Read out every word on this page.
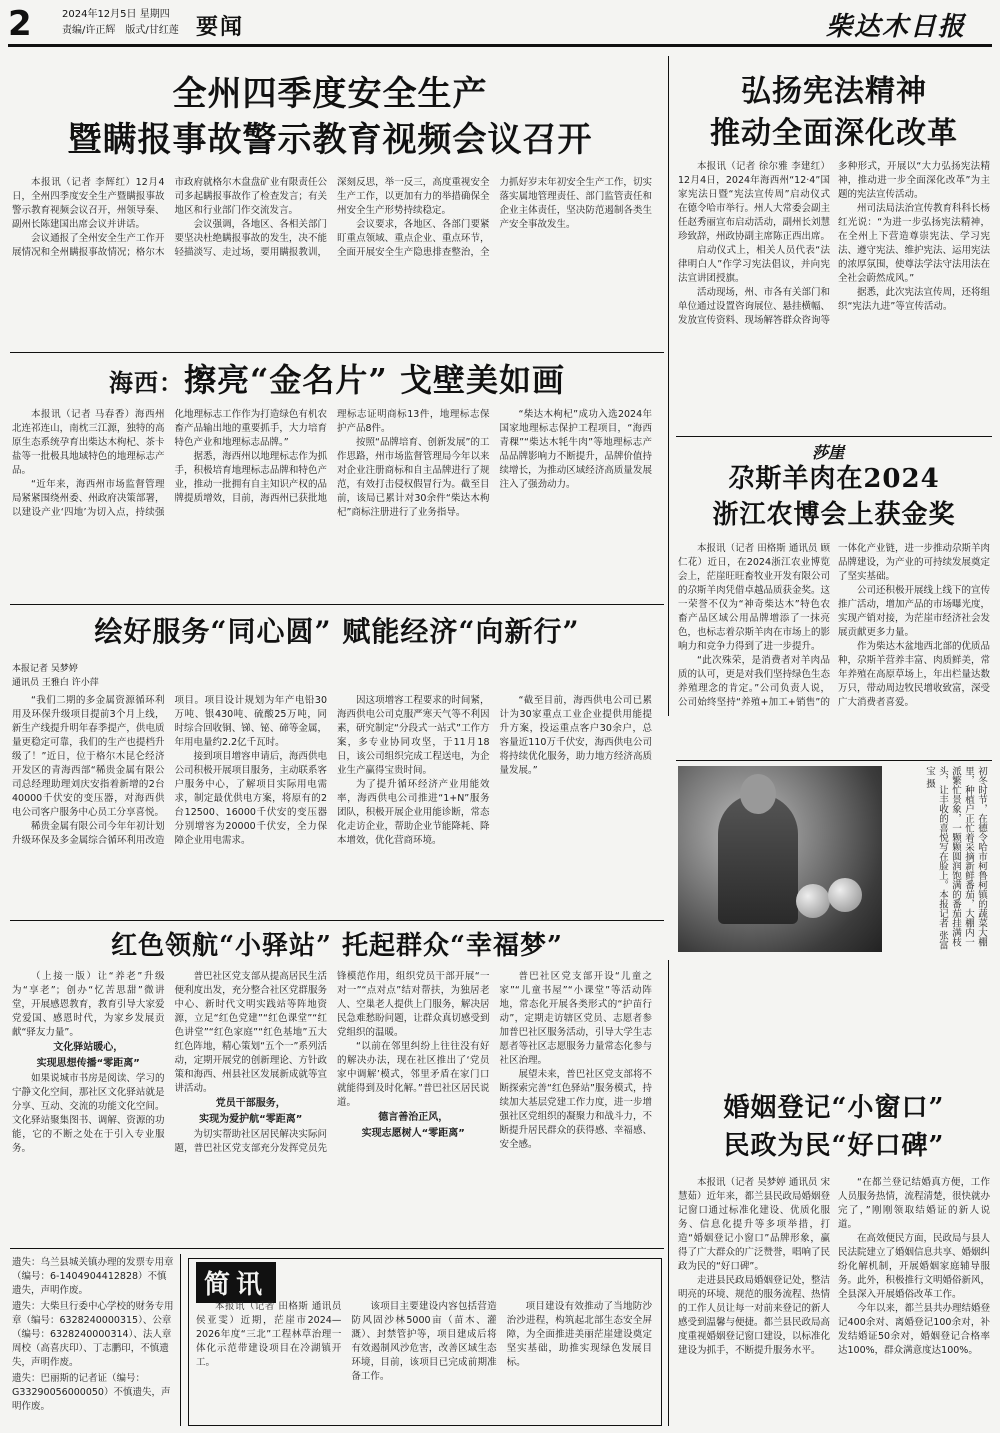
2	2024年12月5日 星期四
责编/许正辉　版式/甘红莲 要闻	柴达木日报
全州四季度安全生产
暨瞒报事故警示教育视频会议召开

本报讯（记者 李辉红）12月4日，全州四季度安全生产暨瞒报事故警示教育视频会议召开，州领导秦、副州长陈建国出席会议并讲话。

会议通报了全州安全生产工作开展情况和全州瞒报事故情况；格尔木市政府就格尔木盘盘矿业有限责任公司多起瞒报事故作了检查发言；有关地区和行业部门作交流发言。

会议强调，各地区、各相关部门要坚决杜绝瞒报事故的发生，决不能轻描淡写、走过场，要用瞒报教训，深刻反思，举一反三，高度重视安全生产工作，以更加有力的举措确保全州安全生产形势持续稳定。

会议要求，各地区、各部门要紧盯重点领域、重点企业、重点环节，全面开展安全生产隐患排查整治，全力抓好岁末年初安全生产工作，切实落实属地管理责任、部门监管责任和企业主体责任，坚决防范遏制各类生产安全事故发生。

弘扬宪法精神
推动全面深化改革

本报讯（记者 徐尔雅 李建红）12月4日，2024年海西州“12·4”国家宪法日暨“宪法宣传周”启动仪式在德令哈市举行。州人大常委会副主任赵秀丽宣布启动活动，副州长刘慧珍致辞，州政协副主席陈正西出席。

启动仪式上，相关人员代表“法律明白人”作学习宪法倡议，并向宪法宣讲团授旗。

活动现场，州、市各有关部门和单位通过设置咨询展位、悬挂横幅、发放宣传资料、现场解答群众咨询等多种形式，开展以“大力弘扬宪法精神，推动进一步全面深化改革”为主题的宪法宣传活动。

州司法局法治宣传教育科科长杨红光说：“为进一步弘扬宪法精神，在全州上下营造尊崇宪法、学习宪法、遵守宪法、维护宪法、运用宪法的浓厚氛围，使尊法学法守法用法在全社会蔚然成风。”

据悉，此次宪法宣传周，还将组织“宪法九进”等宣传活动。

海西：擦亮“金名片” 戈壁美如画

本报讯（记者 马春香）海西州北连祁连山，南枕三江源，独特的高原生态系统孕育出柴达木枸杞、茶卡盐等一批极具地域特色的地理标志产品。

“近年来，海西州市场监督管理局紧紧围绕州委、州政府决策部署，以建设产业‘四地’为切入点，持续强化地理标志工作作为打造绿色有机农畜产品输出地的重要抓手，大力培育特色产业和地理标志品牌。”

据悉，海西州以地理标志作为抓手，积极培育地理标志品牌和特色产业，推动一批拥有自主知识产权的品牌提质增效，目前，海西州已获批地理标志证明商标13件，地理标志保护产品8件。

按照“品牌培育、创新发展”的工作思路，州市场监督管理局今年以来对企业注册商标和自主品牌进行了规范，有效打击侵权假冒行为。截至目前，该局已累计对30余件“柴达木枸杞”商标注册进行了业务指导。

“柴达木枸杞”成功入选2024年国家地理标志保护工程项目，“海西青稞”“柴达木牦牛肉”等地理标志产品品牌影响力不断提升，品牌价值持续增长，为推动区域经济高质量发展注入了强劲动力。

莎崖
尕斯羊肉在2024
浙江农博会上获金奖

本报讯（记者 田格斯 通讯员 顾仁花）近日，在2024浙江农业博览会上，茫崖旺旺畜牧业开发有限公司的尕斯羊肉凭借卓越品质获金奖。这一荣誉不仅为“神奇柴达木”特色农畜产品区域公用品牌增添了一抹亮色，也标志着尕斯羊肉在市场上的影响力和竞争力得到了进一步提升。

“此次殊荣，是消费者对羊肉品质的认可，更是对我们坚持绿色生态养殖理念的肯定。”公司负责人说，公司始终坚持“养殖+加工+销售”的一体化产业链，进一步推动尕斯羊肉品牌建设，为产业的可持续发展奠定了坚实基础。

公司还积极开展线上线下的宣传推广活动，增加产品的市场曝光度，实现产销对接，为茫崖市经济社会发展贡献更多力量。

作为柴达木盆地西北部的优质品种，尕斯羊营养丰富、肉质鲜美，常年养殖在高原草场上，年出栏量达数万只，带动周边牧民增收致富，深受广大消费者喜爱。

绘好服务“同心圆” 赋能经济“向新行”
本报记者 吴梦婷
通讯员 王雅白 许小萍

“我们二期的多金属资源循环利用及环保升级项目提前3个月上线，新生产线提升明年春季提产，供电质量更稳定可靠，我们的生产也提档升级了！”近日，位于格尔木昆仑经济开发区的青海西部“稀贵金属有限公司总经理助理刘庆安指着新增的2台40000千伏安的变压器，对海西供电公司客户服务中心员工分享喜悦。

稀贵金属有限公司今年年初计划升级环保及多金属综合循环利用改造项目。项目设计规划为年产电铅30万吨、银430吨、硫酸25万吨，同时综合回收铜、锑、铋、碲等金属，年用电量约2.2亿千瓦时。

接到项目增容申请后，海西供电公司积极开展项目服务，主动联系客户服务中心，了解项目实际用电需求，制定最优供电方案，将原有的2台12500、16000千伏安的变压器分别增容为20000千伏安，全力保障企业用电需求。

因这项增容工程要求的时间紧，海西供电公司克服严寒天气等不利因素，研究制定“分段式一站式”工作方案，多专业协同攻坚，于11月18日，该公司组织完成工程送电，为企业生产赢得宝贵时间。

为了提升循环经济产业用能效率，海西供电公司推进“1+N”服务团队，积极开展企业用能诊断，常态化走访企业，帮助企业节能降耗、降本增效，优化营商环境。

“截至目前，海西供电公司已累计为30家重点工业企业提供用能提升方案，投运重点客户30余户，总容量近110万千伏安，海西供电公司将持续优化服务，助力地方经济高质量发展。”	初冬时节，在德令哈市柯鲁柯镇的蔬菜大棚里，种植户正忙着采摘新鲜番茄，大棚内一派繁忙景象，一颗颗圆润饱满的番茄挂满枝头，让丰收的喜悦写在脸上。本报记者 张富宝 摄
红色领航“小驿站” 托起群众“幸福梦”

（上接一版）让“养老”升级为“享老”；创办“忆苦思甜”微讲堂，开展感恩教育，教育引导大家爱党爱国、感恩时代，为家乡发展贡献“驿友力量”。

文化驿站暖心，
实现思想传播“零距离”

如果说城市书房是阅读、学习的宁静文化空间，那社区文化驿站就是分享、互动、交流的功能文化空间。文化驿站聚集图书、调解、资源的功能，它的不断之处在于引入专业服务。

普巴社区党支部从提高居民生活便利度出发，充分整合社区党群服务中心、新时代文明实践站等阵地资源，立足“红色党建”“红色课堂”“红色讲堂”“红色家庭”“红色基地”五大红色阵地，精心策划“五个一”系列活动，定期开展党的创新理论、方针政策和海西、州县社区发展新成就等宣讲活动。

党员干部服务，
实现为爱护航“零距离”

为切实帮助社区居民解决实际问题，普巴社区党支部充分发挥党员先锋模范作用，组织党员干部开展“一对一”“点对点”结对帮扶，为独居老人、空巢老人提供上门服务，解决居民急难愁盼问题，让群众真切感受到党组织的温暖。

“以前在邻里纠纷上往往没有好的解决办法，现在社区推出了‘党员家中调解’模式，邻里矛盾在家门口就能得到及时化解。”普巴社区居民说道。

德言善治正风，
实现志愿树人“零距离”

普巴社区党支部开设“儿童之家”“儿童书屋”“小课堂”等活动阵地，常态化开展各类形式的“护苗行动”，定期走访辖区党员、志愿者参加普巴社区服务活动，引导大学生志愿者等社区志愿服务力量常态化参与社区治理。

展望未来，普巴社区党支部将不断探索完善“红色驿站”服务模式，持续加大基层党建工作力度，进一步增强社区党组织的凝聚力和战斗力，不断提升居民群众的获得感、幸福感、安全感。

婚姻登记“小窗口”
民政为民“好口碑”

本报讯（记者 吴梦婷 通讯员 宋慧茹）近年来，都兰县民政局婚姻登记窗口通过标准化建设、优质化服务、信息化提升等多项举措，打造“婚姻登记小窗口”品牌形象，赢得了广大群众的广泛赞誉，唱响了民政为民的“好口碑”。

走进县民政局婚姻登记处，整洁明亮的环境、规范的服务流程、热情的工作人员让每一对前来登记的新人感受到温馨与便捷。都兰县民政局高度重视婚姻登记窗口建设，以标准化建设为抓手，不断提升服务水平。

“在都兰登记结婚真方便，工作人员服务热情，流程清楚，很快就办完了，”刚刚领取结婚证的新人说道。

在高效便民方面，民政局与县人民法院建立了婚姻信息共享、婚姻纠纷化解机制，开展婚姻家庭辅导服务。此外，积极推行文明婚俗新风，全县深入开展婚俗改革工作。

今年以来，都兰县共办理结婚登记400余对、离婚登记100余对，补发结婚证50余对，婚姻登记合格率达100%，群众满意度达100%。

遗失：乌兰县城关镇办理的发票专用章（编号：6-1404904412828）不慎遗失，声明作废。

遗失：大柴旦行委中心学校的财务专用章（编号：6328240000315）、公章（编号：6328240000314）、法人章周校（高喜庆印）、丁志鹏印，不慎遗失，声明作废。

遗失：巴丽斯的记者证（编号：G33290056000050）不慎遗失，声明作废。

简讯

本报讯（记者 田格斯 通讯员 侯亚雯）近期，茫崖市2024—2026年度“三北”工程林草治理一体化示范带建设项目在冷湖镇开工。

该项目主要建设内容包括营造防风固沙林5000亩（苗木、灌溉）、封禁管护等，项目建成后将有效遏制风沙危害，改善区域生态环境，目前，该项目已完成前期准备工作。

项目建设有效推动了当地防沙治沙进程，构筑起北部生态安全屏障，为全面推进美丽茫崖建设奠定坚实基础，助推实现绿色发展目标。
